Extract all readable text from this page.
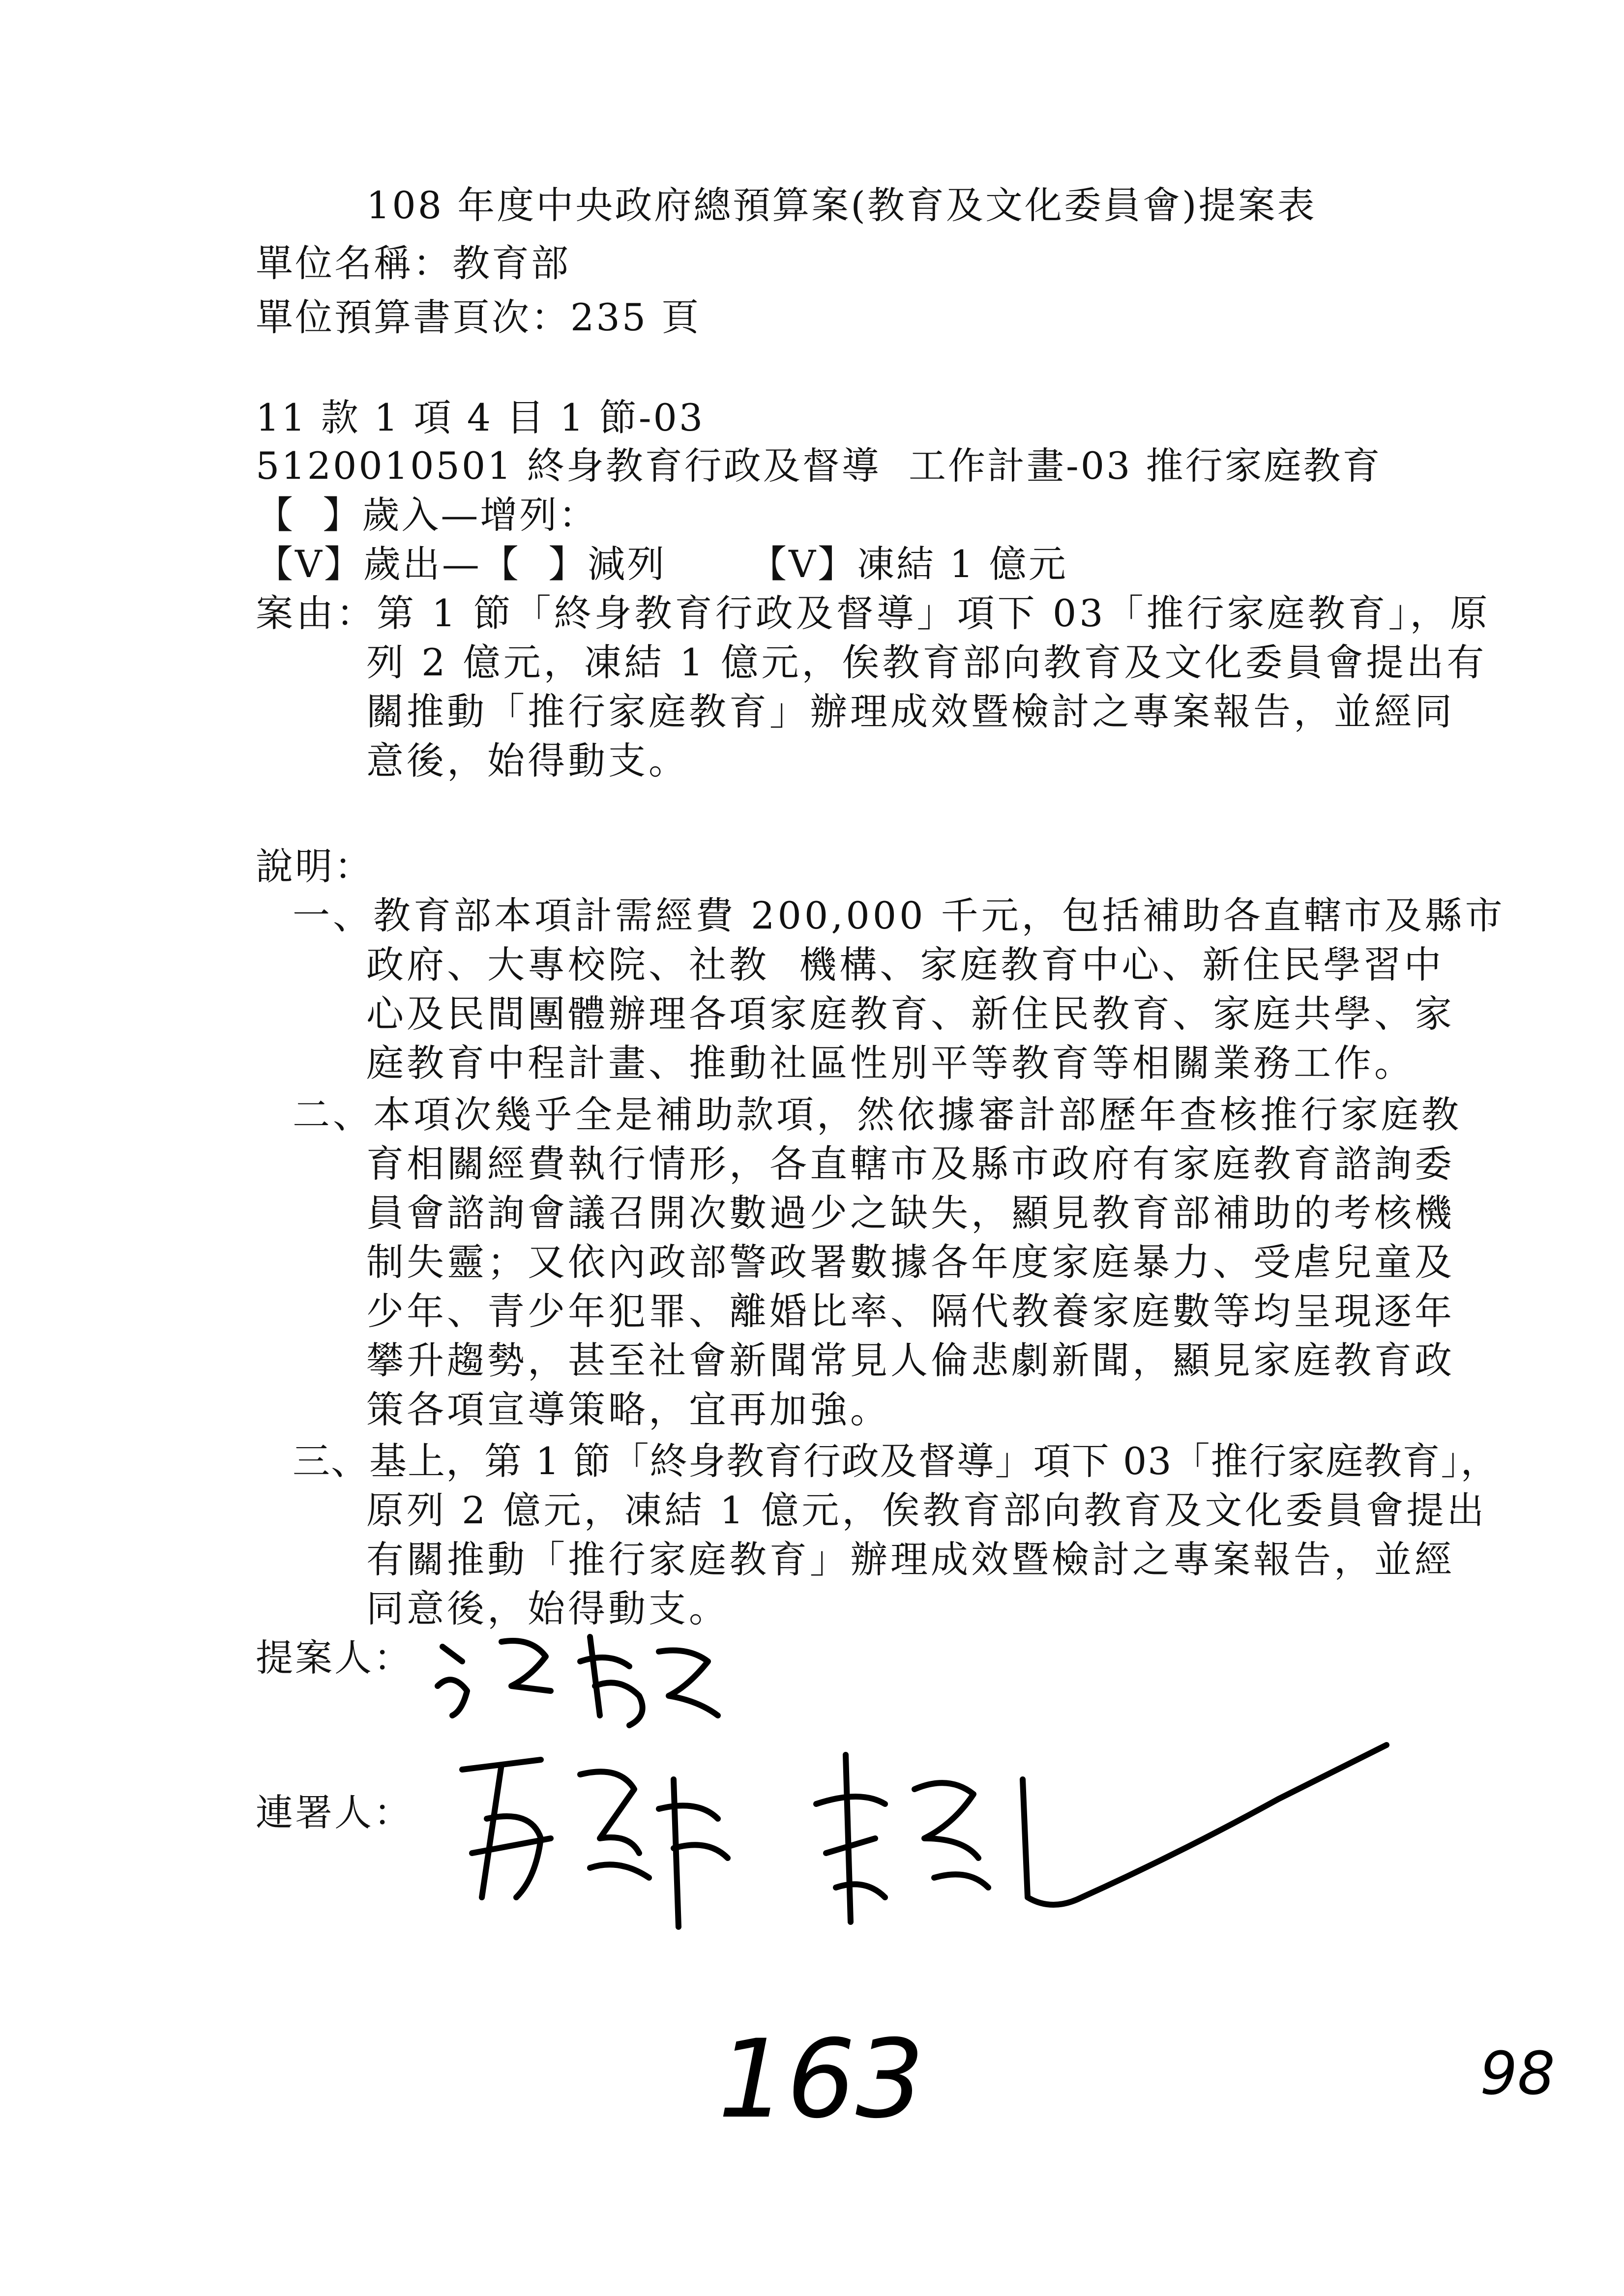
108 年度中央政府總預算案(教育及文化委員會)提案表
單位名稱：教育部
單位預算書頁次：235 頁
11 款 1 項 4 目 1 節-03
5120010501 終身教育行政及督導  工作計畫-03 推行家庭教育
【  】歲入—增列：
【V】歲出—【  】減列      【V】凍結 1 億元
案由：第 1 節「終身教育行政及督導」項下 03「推行家庭教育」，原
列 2 億元，凍結 1 億元，俟教育部向教育及文化委員會提出有
關推動「推行家庭教育」辦理成效暨檢討之專案報告，並經同
意後，始得動支。
說明：
一、教育部本項計需經費 200,000 千元，包括補助各直轄市及縣市
政府、大專校院、社教  機構、家庭教育中心、新住民學習中
心及民間團體辦理各項家庭教育、新住民教育、家庭共學、家
庭教育中程計畫、推動社區性別平等教育等相關業務工作。
二、本項次幾乎全是補助款項，然依據審計部歷年查核推行家庭教
育相關經費執行情形，各直轄市及縣市政府有家庭教育諮詢委
員會諮詢會議召開次數過少之缺失，顯見教育部補助的考核機
制失靈；又依內政部警政署數據各年度家庭暴力、受虐兒童及
少年、青少年犯罪、離婚比率、隔代教養家庭數等均呈現逐年
攀升趨勢，甚至社會新聞常見人倫悲劇新聞，顯見家庭教育政
策各項宣導策略，宜再加強。
三、基上，第 1 節「終身教育行政及督導」項下 03「推行家庭教育」，
原列 2 億元，凍結 1 億元，俟教育部向教育及文化委員會提出
有關推動「推行家庭教育」辦理成效暨檢討之專案報告，並經
同意後，始得動支。
提案人：
連署人：
163	98
